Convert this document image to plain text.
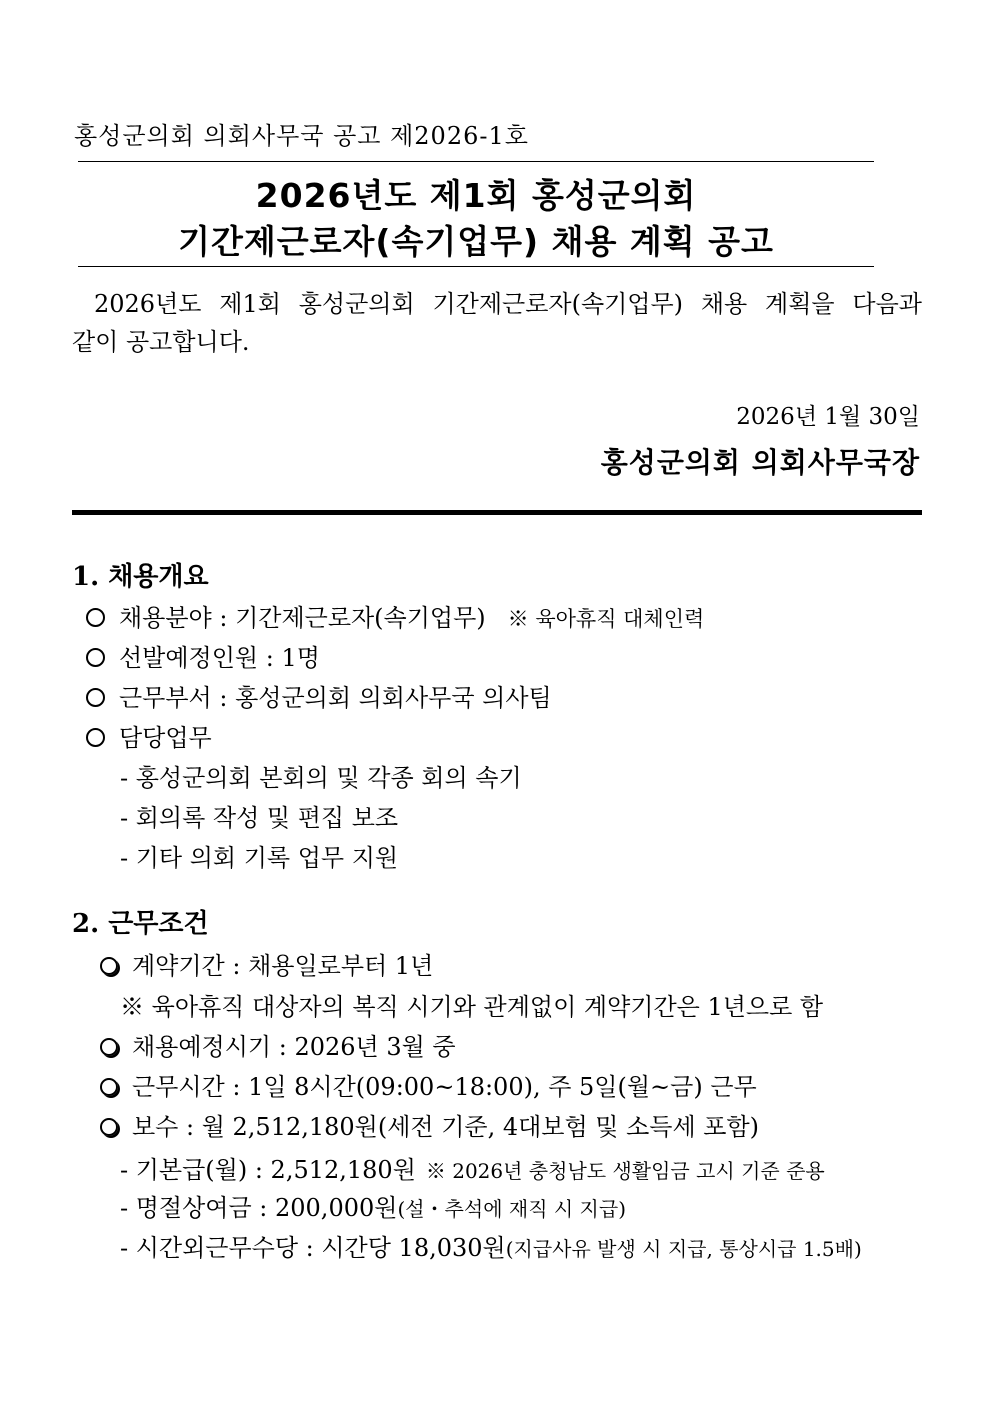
홍성군의회 의회사무국 공고 제2026-1호
2026년도 제1회 홍성군의회
기간제근로자(속기업무) 채용 계획 공고
2026년도 제1회 홍성군의회 기간제근로자(속기업무) 채용 계획을 다음과
같이 공고합니다.
2026년 1월 30일
홍성군의회 의회사무국장
1. 채용개요
채용분야 : 기간제근로자(속기업무) ※ 육아휴직 대체인력
선발예정인원 : 1명
근무부서 : 홍성군의회 의회사무국 의사팀
담당업무
- 홍성군의회 본회의 및 각종 회의 속기
- 회의록 작성 및 편집 보조
- 기타 의회 기록 업무 지원
2. 근무조건
계약기간 : 채용일로부터 1년
※ 육아휴직 대상자의 복직 시기와 관계없이 계약기간은 1년으로 함
채용예정시기 : 2026년 3월 중
근무시간 : 1일 8시간(09:00~18:00), 주 5일(월~금) 근무
보수 : 월 2,512,180원(세전 기준, 4대보험 및 소득세 포함)
- 기본급(월) : 2,512,180원 ※ 2026년 충청남도 생활임금 고시 기준 준용
- 명절상여금 : 200,000원(설・추석에 재직 시 지급)
- 시간외근무수당 : 시간당 18,030원(지급사유 발생 시 지급, 통상시급 1.5배)
